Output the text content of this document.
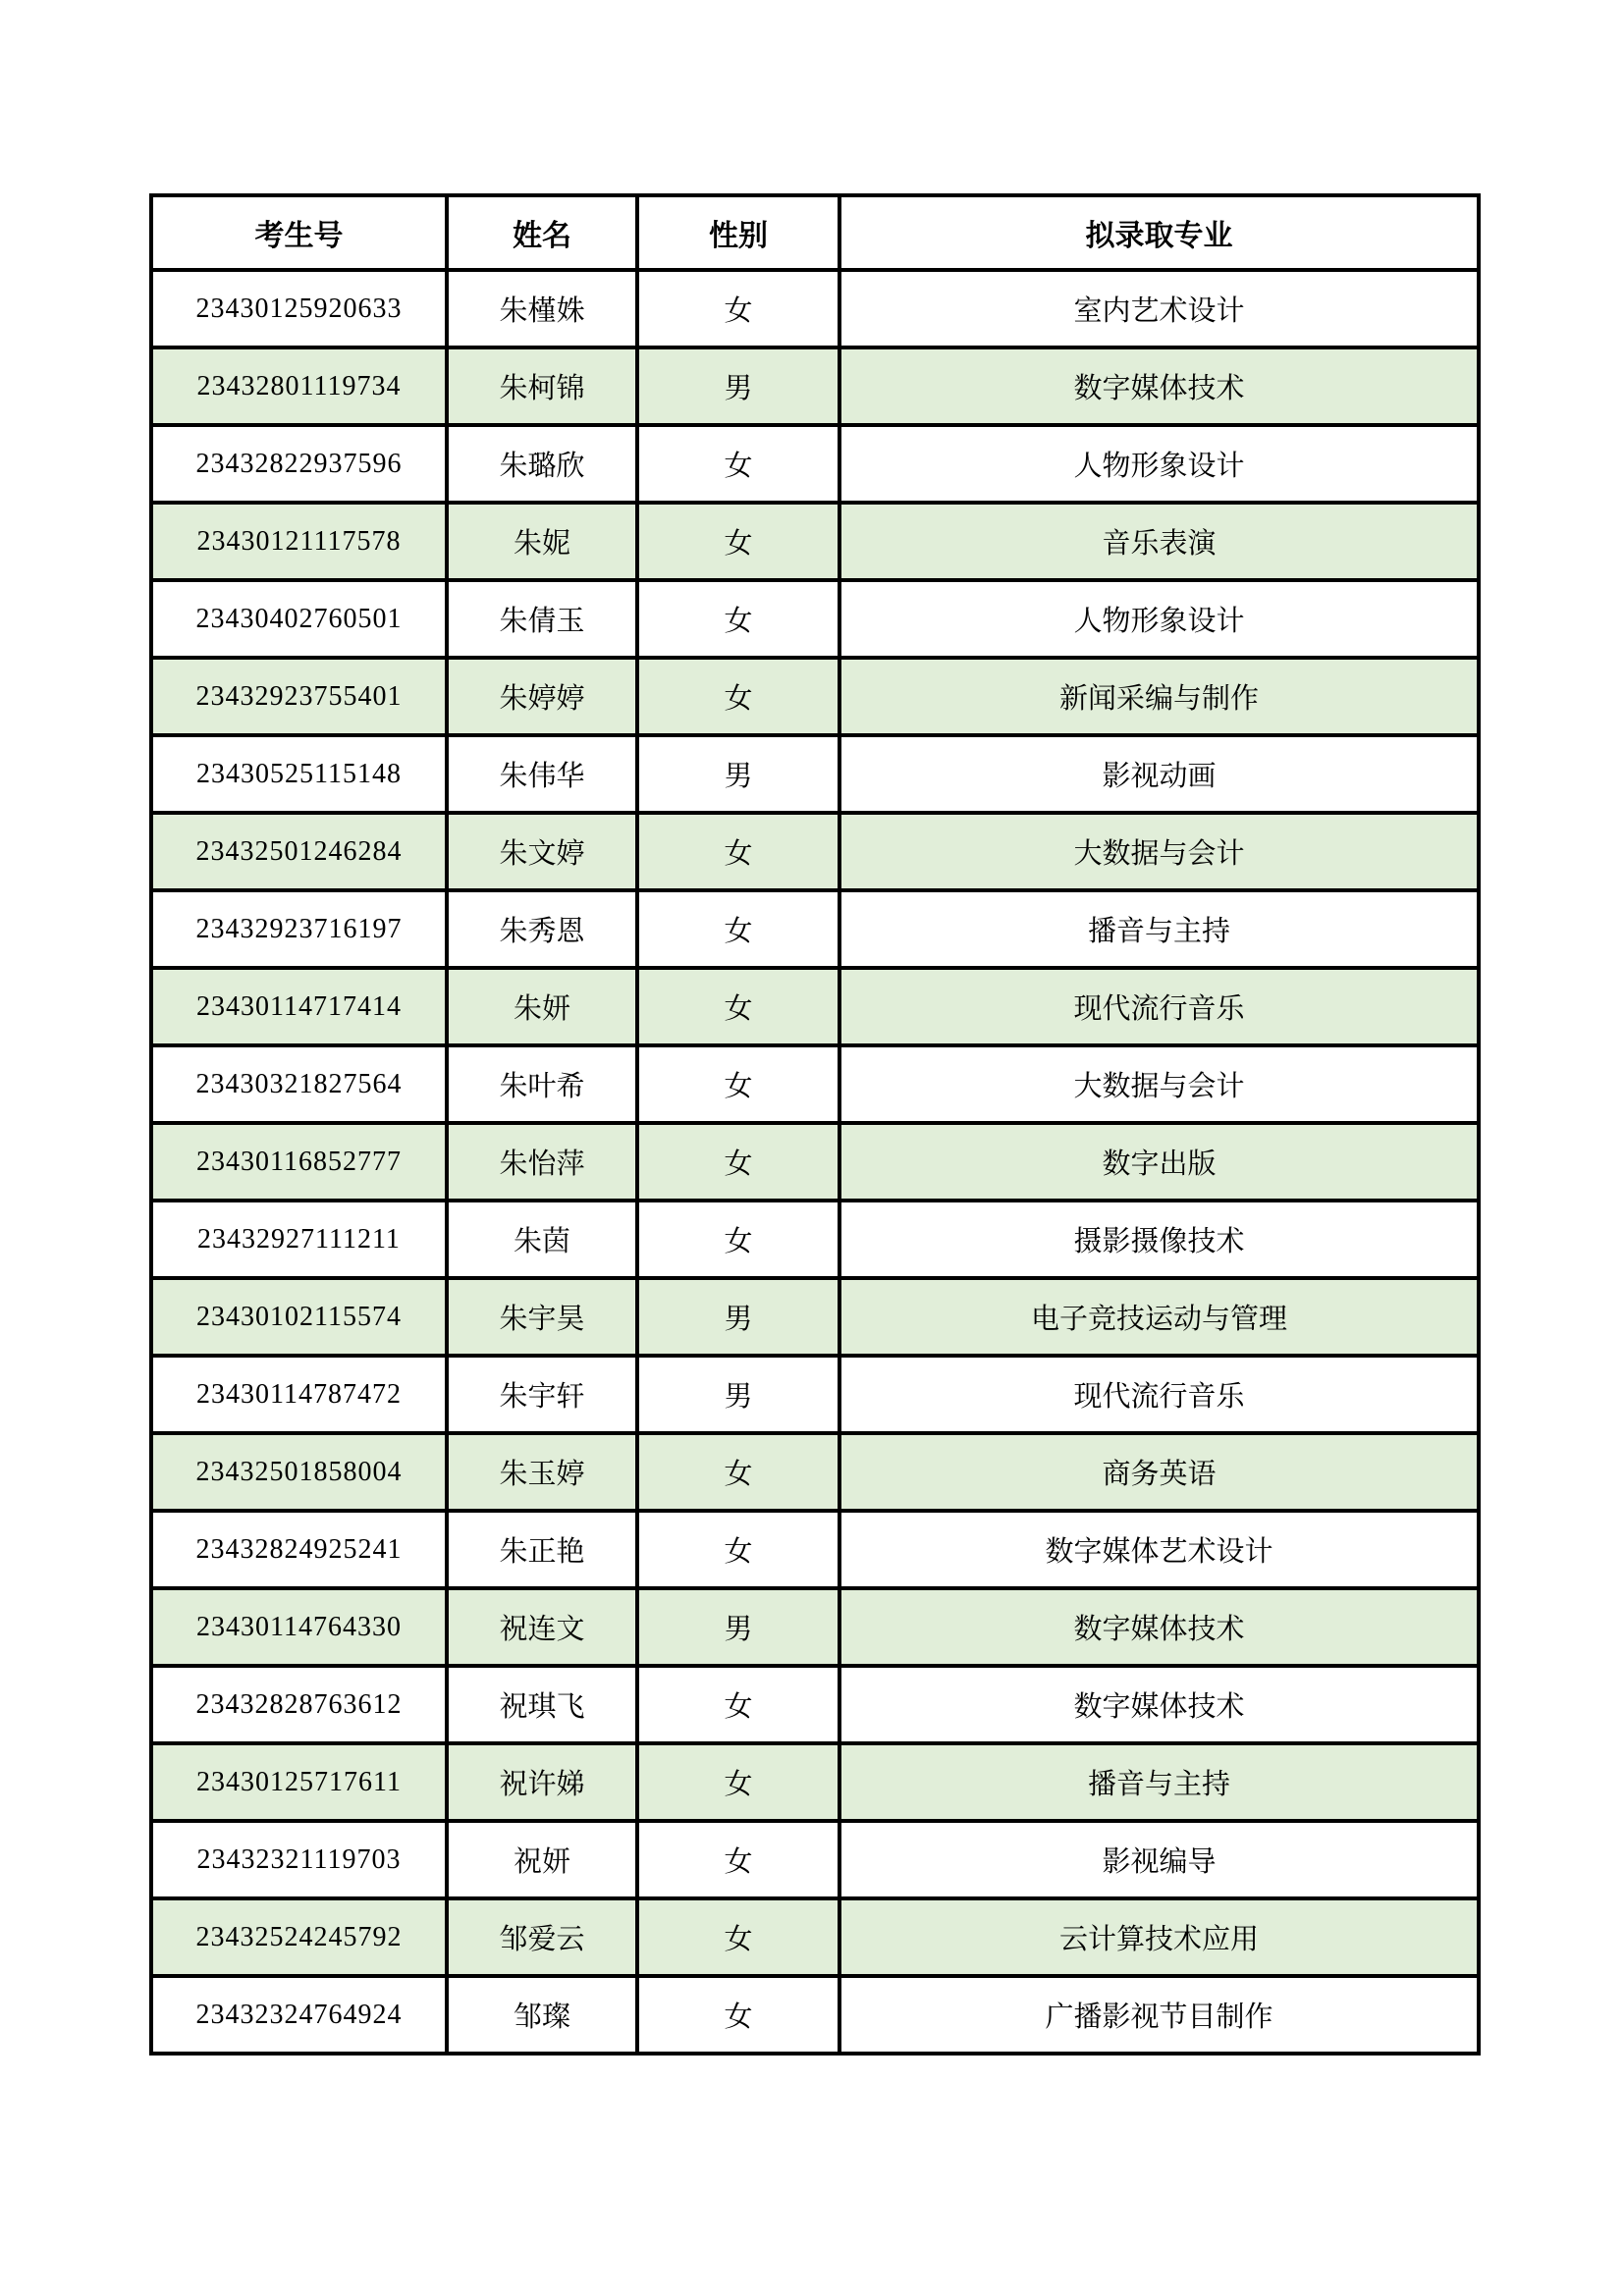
考生号	姓名	性别	拟录取专业
23430125920633	朱槿姝	女	室内艺术设计
23432801119734	朱柯锦	男	数字媒体技术
23432822937596	朱璐欣	女	人物形象设计
23430121117578	朱妮	女	音乐表演
23430402760501	朱倩玉	女	人物形象设计
23432923755401	朱婷婷	女	新闻采编与制作
23430525115148	朱伟华	男	影视动画
23432501246284	朱文婷	女	大数据与会计
23432923716197	朱秀恩	女	播音与主持
23430114717414	朱妍	女	现代流行音乐
23430321827564	朱叶希	女	大数据与会计
23430116852777	朱怡萍	女	数字出版
23432927111211	朱茵	女	摄影摄像技术
23430102115574	朱宇昊	男	电子竞技运动与管理
23430114787472	朱宇轩	男	现代流行音乐
23432501858004	朱玉婷	女	商务英语
23432824925241	朱正艳	女	数字媒体艺术设计
23430114764330	祝连文	男	数字媒体技术
23432828763612	祝琪飞	女	数字媒体技术
23430125717611	祝许娣	女	播音与主持
23432321119703	祝妍	女	影视编导
23432524245792	邹爱云	女	云计算技术应用
23432324764924	邹璨	女	广播影视节目制作
